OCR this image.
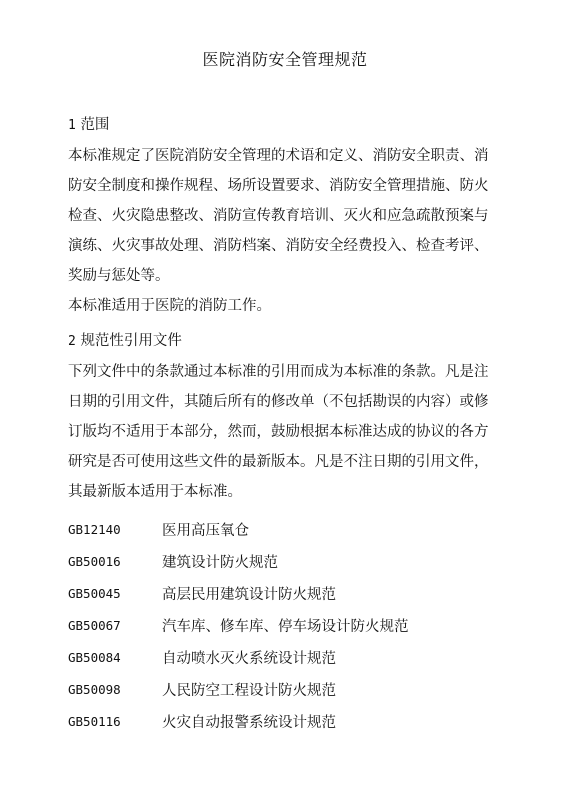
医院消防安全管理规范

1 范围

本标准规定了医院消防安全管理的术语和定义、消防安全职责、消防安全制度和操作规程、场所设置要求、消防安全管理措施、防火检查、火灾隐患整改、消防宣传教育培训、灭火和应急疏散预案与演练、火灾事故处理、消防档案、消防安全经费投入、检查考评、奖励与惩处等。

本标准适用于医院的消防工作。

2 规范性引用文件

下列文件中的条款通过本标准的引用而成为本标准的条款。凡是注日期的引用文件，其随后所有的修改单（不包括勘误的内容）或修订版均不适用于本部分，然而，鼓励根据本标准达成的协议的各方研究是否可使用这些文件的最新版本。凡是不注日期的引用文件，其最新版本适用于本标准。

GB12140	医用高压氧仓
GB50016	建筑设计防火规范
GB50045	高层民用建筑设计防火规范
GB50067	汽车库、修车库、停车场设计防火规范
GB50084	自动喷水灭火系统设计规范
GB50098	人民防空工程设计防火规范
GB50116	火灾自动报警系统设计规范
